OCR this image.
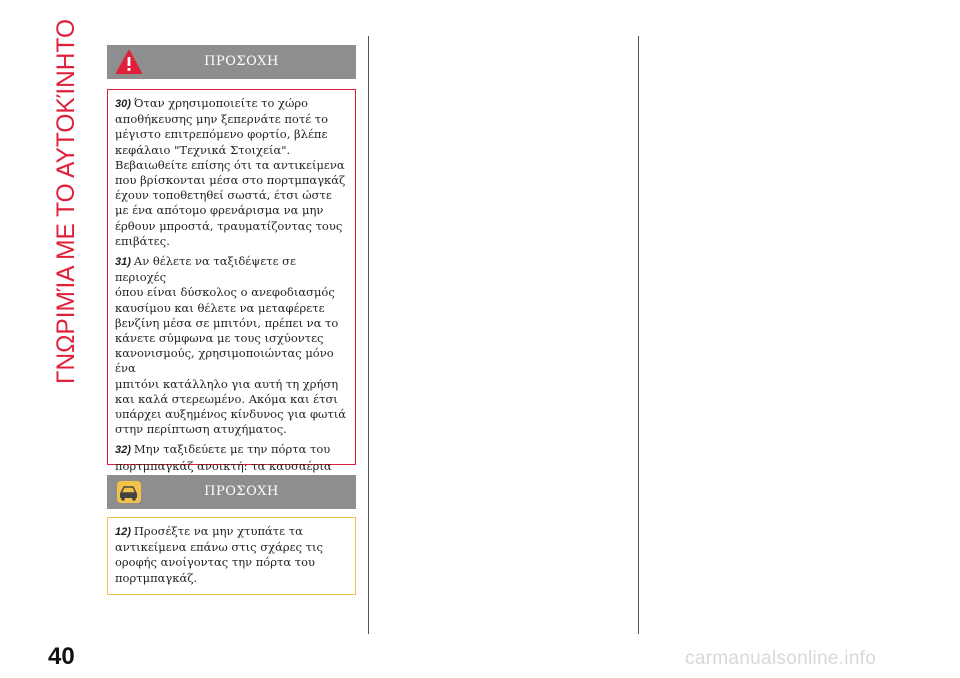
ΓΝΩΡΙΜΊΑ ΜΕ ΤΟ ΑΥΤΟΚΊΝΗΤΟ	ΠΡΟΣΟΧΗ

30) Όταν χρησιμοποιείτε το χώρο
αποθήκευσης μην ξεπερνάτε ποτέ το
μέγιστο επιτρεπόμενο φορτίο, βλέπε
κεφάλαιο "Τεχνικά Στοιχεία".
Βεβαιωθείτε επίσης ότι τα αντικείμενα
που βρίσκονται μέσα στο πορτμπαγκάζ
έχουν τοποθετηθεί σωστά, έτσι ώστε
με ένα απότομο φρενάρισμα να μην
έρθουν μπροστά, τραυματίζοντας τους
επιβάτες.

31) Αν θέλετε να ταξιδέψετε σε περιοχές
όπου είναι δύσκολος ο ανεφοδιασμός
καυσίμου και θέλετε να μεταφέρετε
βενζίνη μέσα σε μπιτόνι, πρέπει να το
κάνετε σύμφωνα με τους ισχύοντες
κανονισμούς, χρησιμοποιώντας μόνο ένα
μπιτόνι κατάλληλο για αυτή τη χρήση
και καλά στερεωμένο. Ακόμα και έτσι
υπάρχει αυξημένος κίνδυνος για φωτιά
στην περίπτωση ατυχήματος.

32) Μην ταξιδεύετε με την πόρτα του
πορτμπαγκάζ ανοικτή: τα καυσαέρια

ΠΡΟΣΟΧΗ

12) Προσέξτε να μην χτυπάτε τα
αντικείμενα επάνω στις σχάρες τις
οροφής ανοίγοντας την πόρτα του
πορτμπαγκάζ.

40	carmanualsonline.info
